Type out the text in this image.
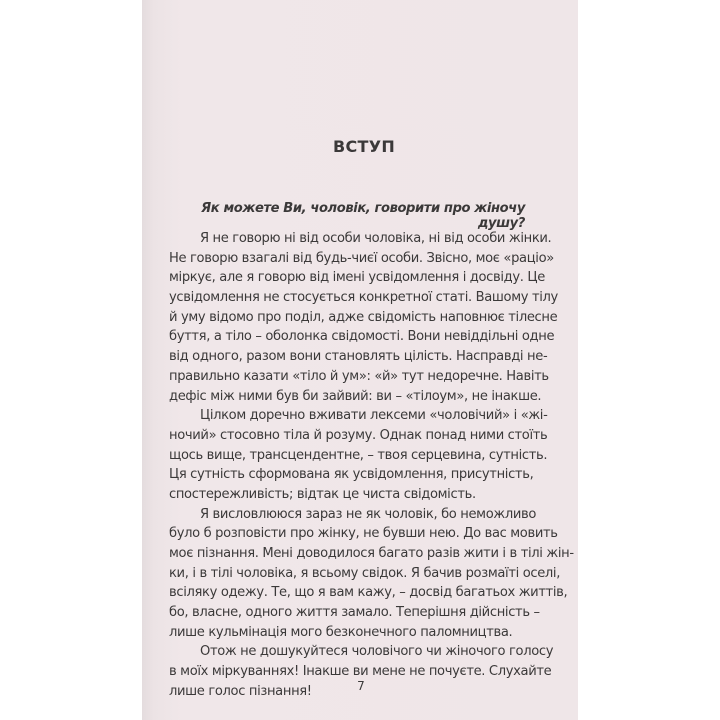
ВСТУП
Як можете Ви, чоловік, говорити про жіночу душу?
Я не говорю ні від особи чоловіка, ні від особи жінки.
Не говорю взагалі від будь-чиєї особи. Звісно, моє «раціо»
міркує, але я говорю від імені усвідомлення і досвіду. Це
усвідомлення не стосується конкретної статі. Вашому тілу
й уму відомо про поділ, адже свідомість наповнює тілесне
буття, а тіло – оболонка свідомості. Вони невіддільні одне
від одного, разом вони становлять цілість. Насправді не-
правильно казати «тіло й ум»: «й» тут недоречне. Навіть
дефіс між ними був би зайвий: ви – «тілоум», не інакше.
Цілком доречно вживати лексеми «чоловічий» і «жі-
ночий» стосовно тіла й розуму. Однак понад ними стоїть
щось вище, трансцендентне, – твоя серцевина, сутність.
Ця сутність сформована як усвідомлення, присутність,
спостережливість; відтак це чиста свідомість.
Я висловлююся зараз не як чоловік, бо неможливо
було б розповісти про жінку, не бувши нею. До вас мовить
моє пізнання. Мені доводилося багато разів жити і в тілі жін-
ки, і в тілі чоловіка, я всьому свідок. Я бачив розмаїті оселі,
всіляку одежу. Те, що я вам кажу, – досвід багатьох життів,
бо, власне, одного життя замало. Теперішня дійсність –
лише кульмінація мого безконечного паломництва.
Отож не дошукуйтеся чоловічого чи жіночого голосу
в моїх міркуваннях! Інакше ви мене не почуєте. Слухайте
лише голос пізнання!	7
